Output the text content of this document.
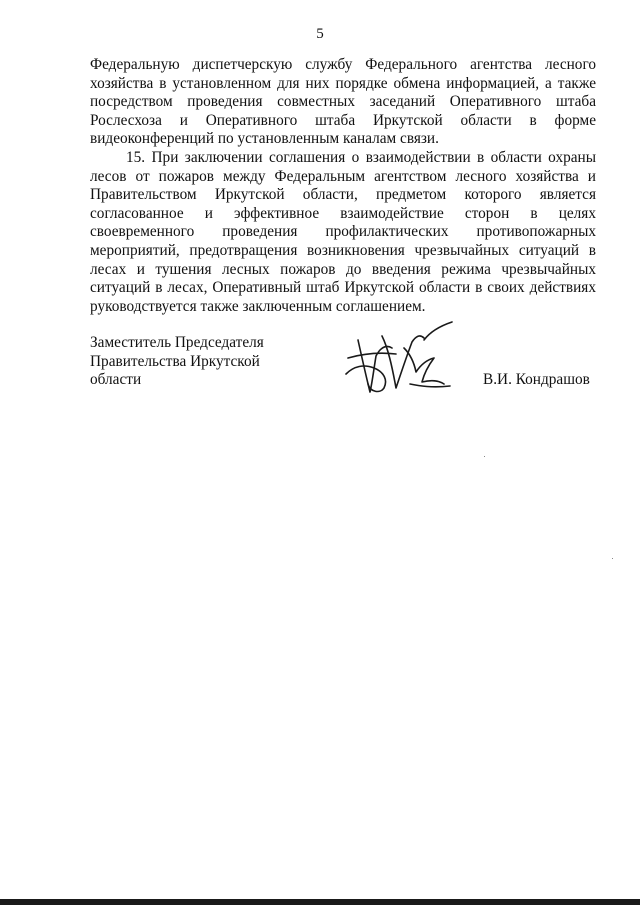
5

Федеральную диспетчерскую службу Федерального агентства лесного хозяйства в установленном для них порядке обмена информацией, а также посредством проведения совместных заседаний Оперативного штаба Рослесхоза и Оперативного штаба Иркутской области в форме видеоконференций по установленным каналам связи.

15. При заключении соглашения о взаимодействии в области охраны лесов от пожаров между Федеральным агентством лесного хозяйства и Правительством Иркутской области, предметом которого является согласованное и эффективное взаимодействие сторон в целях своевременного проведения профилактических противопожарных мероприятий, предотвращения возникновения чрезвычайных ситуаций в лесах и тушения лесных пожаров до введения режима чрезвычайных ситуаций в лесах, Оперативный штаб Иркутской области в своих действиях руководствуется также заключенным соглашением.

Заместитель Председателя
Правительства Иркутской
области	В.И. Кондрашов
